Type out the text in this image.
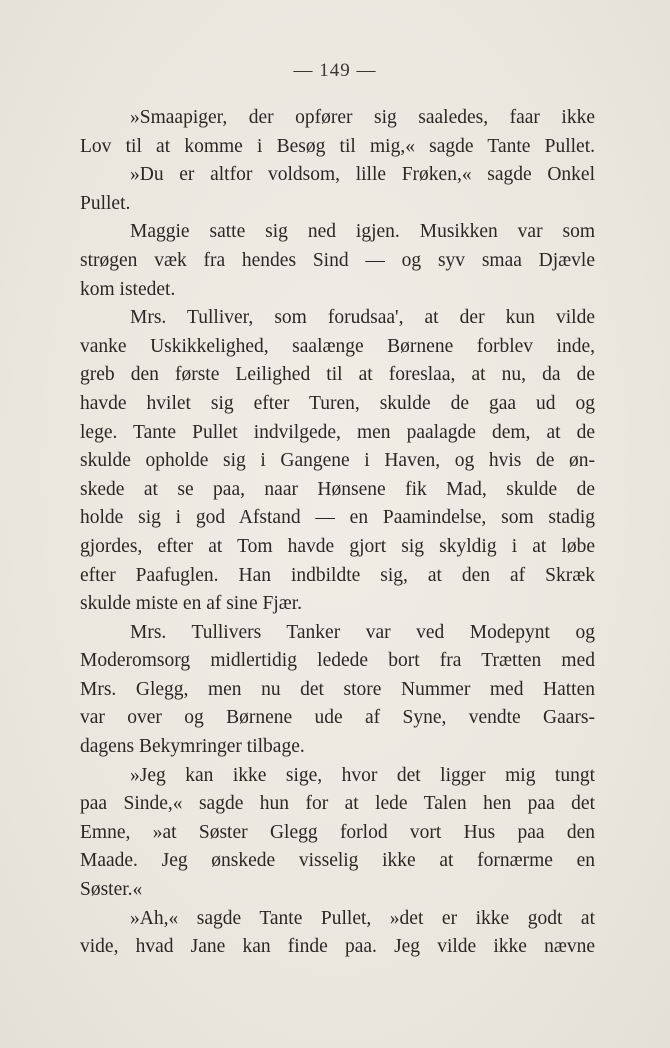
— 149 —
»Smaapiger, der opfører sig saaledes, faar ikke
Lov til at komme i Besøg til mig,« sagde Tante Pullet.
»Du er altfor voldsom, lille Frøken,« sagde Onkel
Pullet.
Maggie satte sig ned igjen. Musikken var som
strøgen væk fra hendes Sind — og syv smaa Djævle
kom istedet.
Mrs. Tulliver, som forudsaa', at der kun vilde
vanke Uskikkelighed, saalænge Børnene forblev inde,
greb den første Leilighed til at foreslaa, at nu, da de
havde hvilet sig efter Turen, skulde de gaa ud og
lege. Tante Pullet indvilgede, men paalagde dem, at de
skulde opholde sig i Gangene i Haven, og hvis de øn-
skede at se paa, naar Hønsene fik Mad, skulde de
holde sig i god Afstand — en Paamindelse, som stadig
gjordes, efter at Tom havde gjort sig skyldig i at løbe
efter Paafuglen. Han indbildte sig, at den af Skræk
skulde miste en af sine Fjær.
Mrs. Tullivers Tanker var ved Modepynt og
Moderomsorg midlertidig ledede bort fra Trætten med
Mrs. Glegg, men nu det store Nummer med Hatten
var over og Børnene ude af Syne, vendte Gaars-
dagens Bekymringer tilbage.
»Jeg kan ikke sige, hvor det ligger mig tungt
paa Sinde,« sagde hun for at lede Talen hen paa det
Emne, »at Søster Glegg forlod vort Hus paa den
Maade. Jeg ønskede visselig ikke at fornærme en
Søster.«
»Ah,« sagde Tante Pullet, »det er ikke godt at
vide, hvad Jane kan finde paa. Jeg vilde ikke nævne
